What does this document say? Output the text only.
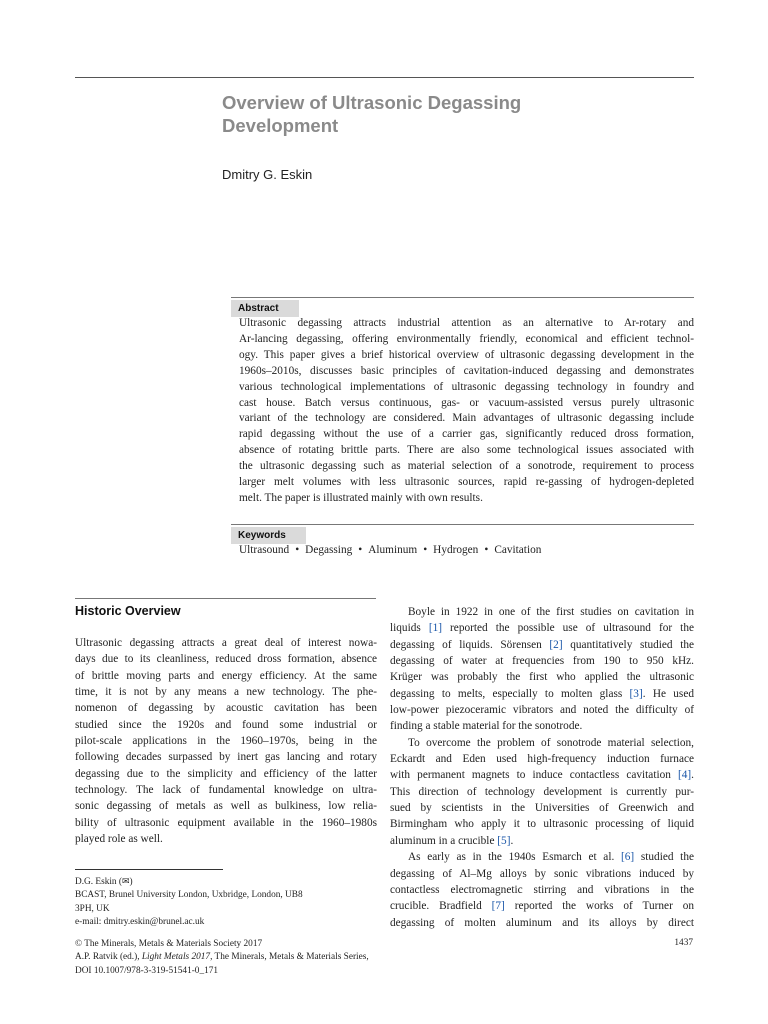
Overview of Ultrasonic Degassing
Development
Dmitry G. Eskin
Abstract
Ultrasonic degassing attracts industrial attention as an alternative to Ar-rotary and
Ar-lancing degassing, offering environmentally friendly, economical and efficient technol-
ogy. This paper gives a brief historical overview of ultrasonic degassing development in the
1960s–2010s, discusses basic principles of cavitation-induced degassing and demonstrates
various technological implementations of ultrasonic degassing technology in foundry and
cast house. Batch versus continuous, gas- or vacuum-assisted versus purely ultrasonic
variant of the technology are considered. Main advantages of ultrasonic degassing include
rapid degassing without the use of a carrier gas, significantly reduced dross formation,
absence of rotating brittle parts. There are also some technological issues associated with
the ultrasonic degassing such as material selection of a sonotrode, requirement to process
larger melt volumes with less ultrasonic sources, rapid re-gassing of hydrogen-depleted
melt. The paper is illustrated mainly with own results.
Keywords
Ultrasound • Degassing • Aluminum • Hydrogen • Cavitation
Historic Overview
Ultrasonic degassing attracts a great deal of interest nowa-
days due to its cleanliness, reduced dross formation, absence
of brittle moving parts and energy efficiency. At the same
time, it is not by any means a new technology. The phe-
nomenon of degassing by acoustic cavitation has been
studied since the 1920s and found some industrial or
pilot-scale applications in the 1960–1970s, being in the
following decades surpassed by inert gas lancing and rotary
degassing due to the simplicity and efficiency of the latter
technology. The lack of fundamental knowledge on ultra-
sonic degassing of metals as well as bulkiness, low relia-
bility of ultrasonic equipment available in the 1960–1980s
played role as well.
Boyle in 1922 in one of the first studies on cavitation in
liquids [1] reported the possible use of ultrasound for the
degassing of liquids. Sörensen [2] quantitatively studied the
degassing of water at frequencies from 190 to 950 kHz.
Krüger was probably the first who applied the ultrasonic
degassing to melts, especially to molten glass [3]. He used
low-power piezoceramic vibrators and noted the difficulty of
finding a stable material for the sonotrode.
To overcome the problem of sonotrode material selection,
Eckardt and Eden used high-frequency induction furnace
with permanent magnets to induce contactless cavitation [4].
This direction of technology development is currently pur-
sued by scientists in the Universities of Greenwich and
Birmingham who apply it to ultrasonic processing of liquid
aluminum in a crucible [5].
As early as in the 1940s Esmarch et al. [6] studied the
degassing of Al–Mg alloys by sonic vibrations induced by
contactless electromagnetic stirring and vibrations in the
crucible. Bradfield [7] reported the works of Turner on
degassing of molten aluminum and its alloys by direct
D.G. Eskin (✉)
BCAST, Brunel University London, Uxbridge, London, UB8
3PH, UK
e-mail: dmitry.eskin@brunel.ac.uk
© The Minerals, Metals & Materials Society 2017
A.P. Ratvik (ed.), Light Metals 2017, The Minerals, Metals & Materials Series,
DOI 10.1007/978-3-319-51541-0_171
1437
